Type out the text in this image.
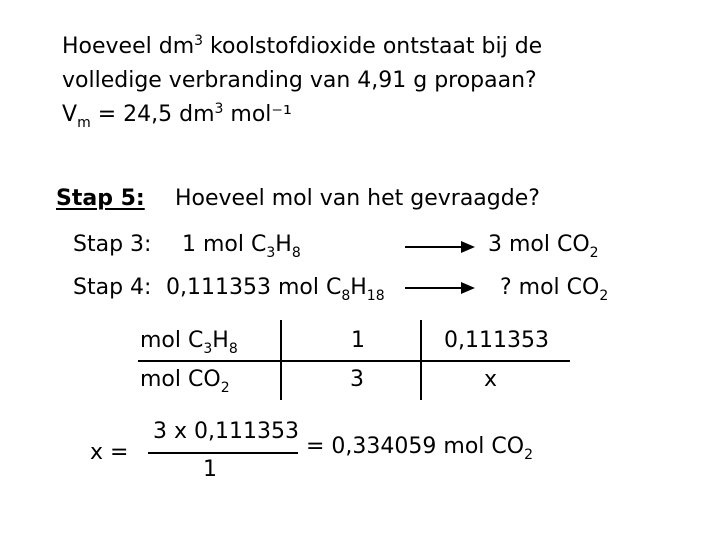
Hoeveel $dm^3$ koolstofdioxide ontstaat bij de
volledige verbranding van 4,91 g propaan?
$V_m = 24,5$ $dm^3$ mol⁻¹
Stap 5: Hoeveel mol van het gevraagde?
Stap 3: 1 mol $C_3H_8$	3 mol $CO_2$
Stap 4: 0,111353 mol $C_8H_{18}$	? mol $CO_2$
mol $C_3H_8$	1	0,111353
mol $CO_2$	3	x
x =
3 x 0,111353
1
= 0,334059 mol $CO_2$
